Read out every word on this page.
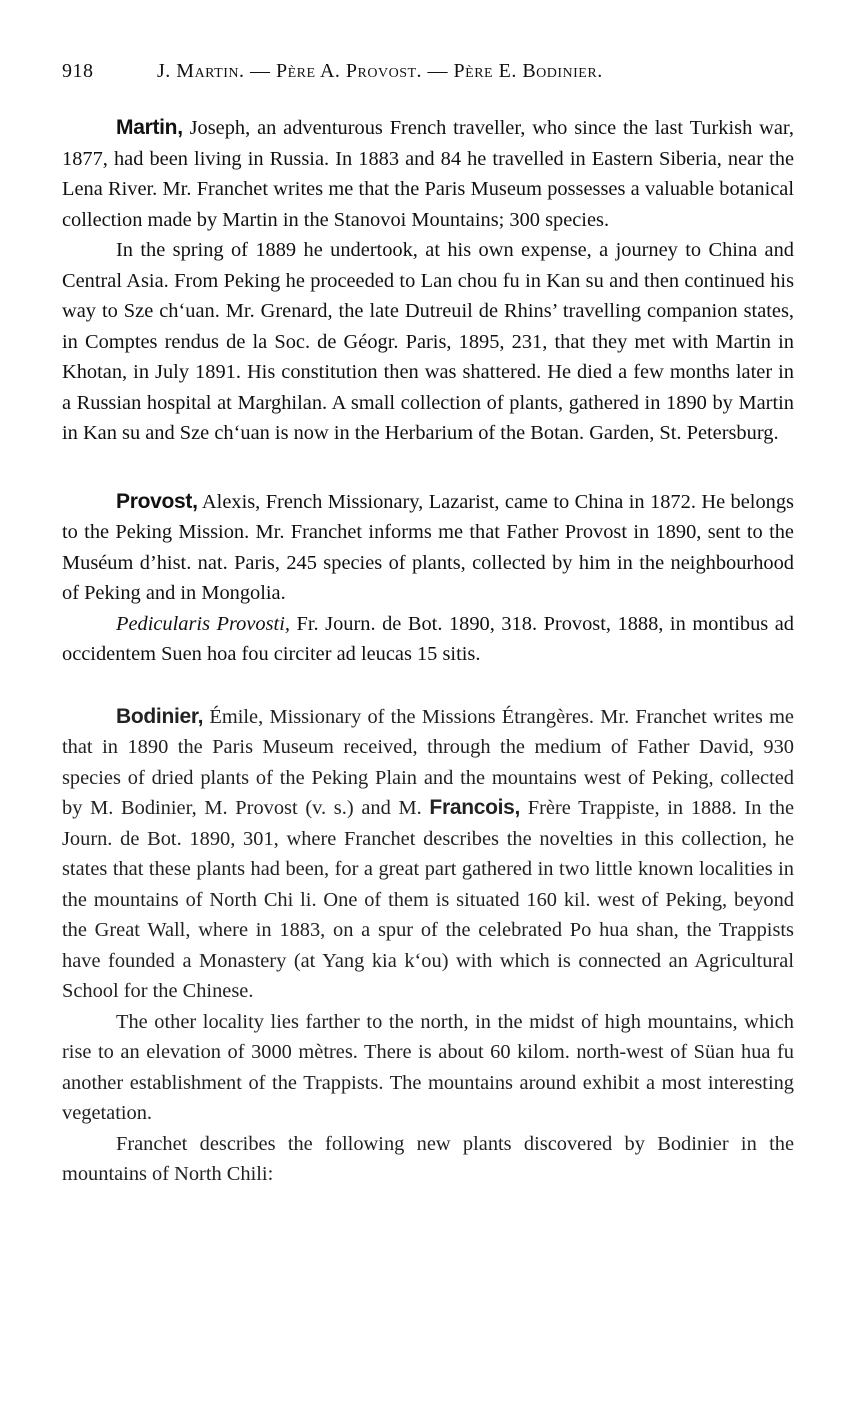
918	J. Martin. — Père A. Provost. — Père E. Bodinier.

Martin, Joseph, an adventurous French traveller, who since the last Turkish war, 1877, had been living in Russia. In 1883 and 84 he travelled in Eastern Siberia, near the Lena River. Mr. Franchet writes me that the Paris Museum possesses a valuable botanical collection made by Martin in the Stanovoi Mountains; 300 species.

In the spring of 1889 he undertook, at his own expense, a journey to China and Central Asia. From Peking he proceeded to Lan chou fu in Kan su and then continued his way to Sze chʻuan. Mr. Grenard, the late Dutreuil de Rhins’ travelling companion states, in Comptes rendus de la Soc. de Géogr. Paris, 1895, 231, that they met with Martin in Khotan, in July 1891. His constitution then was shattered. He died a few months later in a Russian hospital at Marghilan. A small collection of plants, gathered in 1890 by Martin in Kan su and Sze chʻuan is now in the Herbarium of the Botan. Garden, St. Petersburg.

Provost, Alexis, French Missionary, Lazarist, came to China in 1872. He belongs to the Peking Mission. Mr. Franchet informs me that Father Provost in 1890, sent to the Muséum d’hist. nat. Paris, 245 species of plants, collected by him in the neighbourhood of Peking and in Mongolia.

Pedicularis Provosti, Fr. Journ. de Bot. 1890, 318. Provost, 1888, in montibus ad occidentem Suen hoa fou circiter ad leucas 15 sitis.

Bodinier, Émile, Missionary of the Missions Étrangères. Mr. Franchet writes me that in 1890 the Paris Museum received, through the medium of Father David, 930 species of dried plants of the Peking Plain and the mountains west of Peking, collected by M. Bodinier, M. Provost (v. s.) and M. Francois, Frère Trappiste, in 1888. In the Journ. de Bot. 1890, 301, where Franchet describes the novelties in this collection, he states that these plants had been, for a great part gathered in two little known localities in the mountains of North Chi li. One of them is situated 160 kil. west of Peking, beyond the Great Wall, where in 1883, on a spur of the celebrated Po hua shan, the Trappists have founded a Monastery (at Yang kia kʻou) with which is connected an Agricultural School for the Chinese.

The other locality lies farther to the north, in the midst of high mountains, which rise to an elevation of 3000 mètres. There is about 60 kilom. north-west of Süan hua fu another establishment of the Trappists. The mountains around exhibit a most interesting vegetation.

Franchet describes the following new plants discovered by Bodinier in the mountains of North Chili:
